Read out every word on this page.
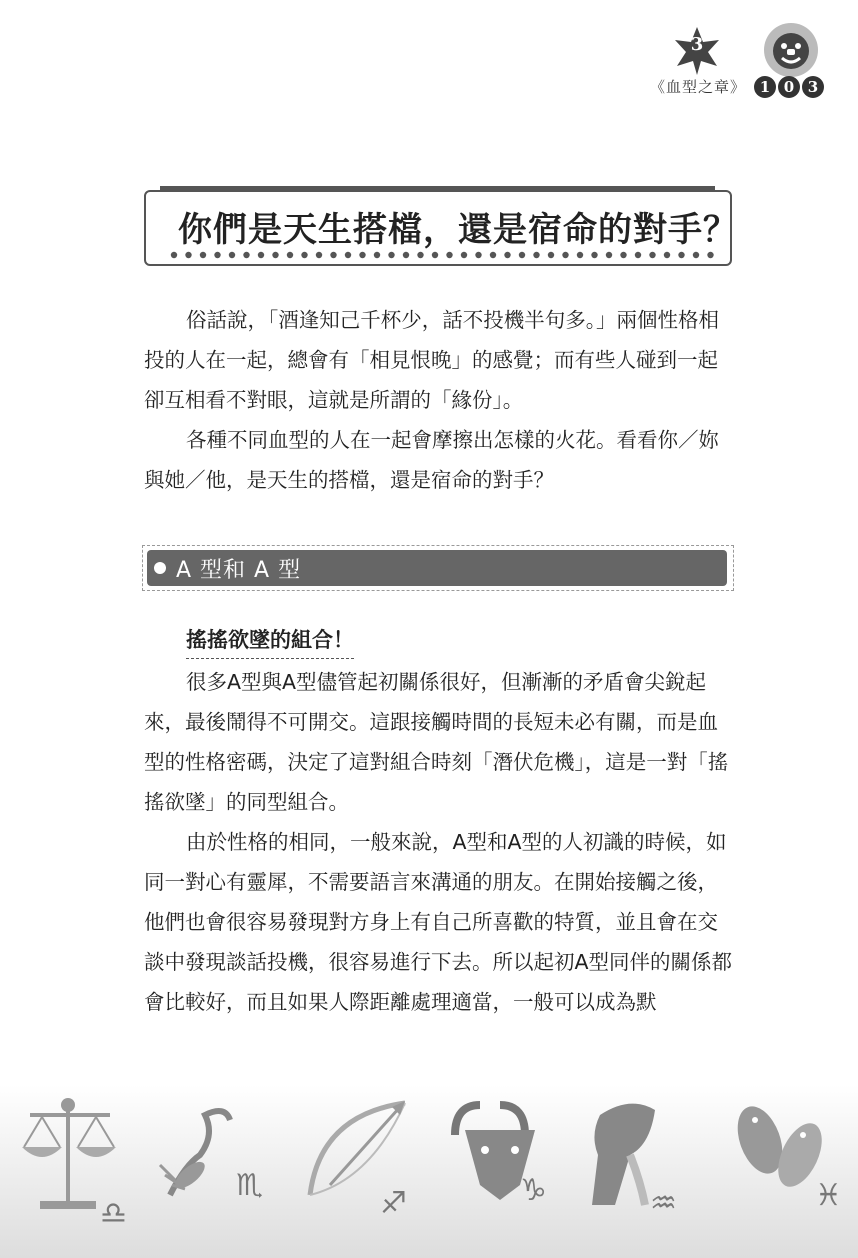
3
《血型之章》 1 0 3
你們是天生搭檔，還是宿命的對手？

俗話說，「酒逢知己千杯少，話不投機半句多。」兩個性格相投的人在一起，總會有「相見恨晚」的感覺；而有些人碰到一起卻互相看不對眼，這就是所謂的「緣份」。

各種不同血型的人在一起會摩擦出怎樣的火花。看看你／妳與她／他，是天生的搭檔，還是宿命的對手？

A 型和 A 型
搖搖欲墜的組合！

很多A型與A型儘管起初關係很好，但漸漸的矛盾會尖銳起來，最後鬧得不可開交。這跟接觸時間的長短未必有關，而是血型的性格密碼，決定了這對組合時刻「潛伏危機」，這是一對「搖搖欲墜」的同型組合。

由於性格的相同，一般來說，A型和A型的人初識的時候，如同一對心有靈犀，不需要語言來溝通的朋友。在開始接觸之後，他們也會很容易發現對方身上有自己所喜歡的特質，並且會在交談中發現談話投機，很容易進行下去。所以起初A型同伴的關係都會比較好，而且如果人際距離處理適當，一般可以成為默

♎
♏
♐	♑	♒	♓
